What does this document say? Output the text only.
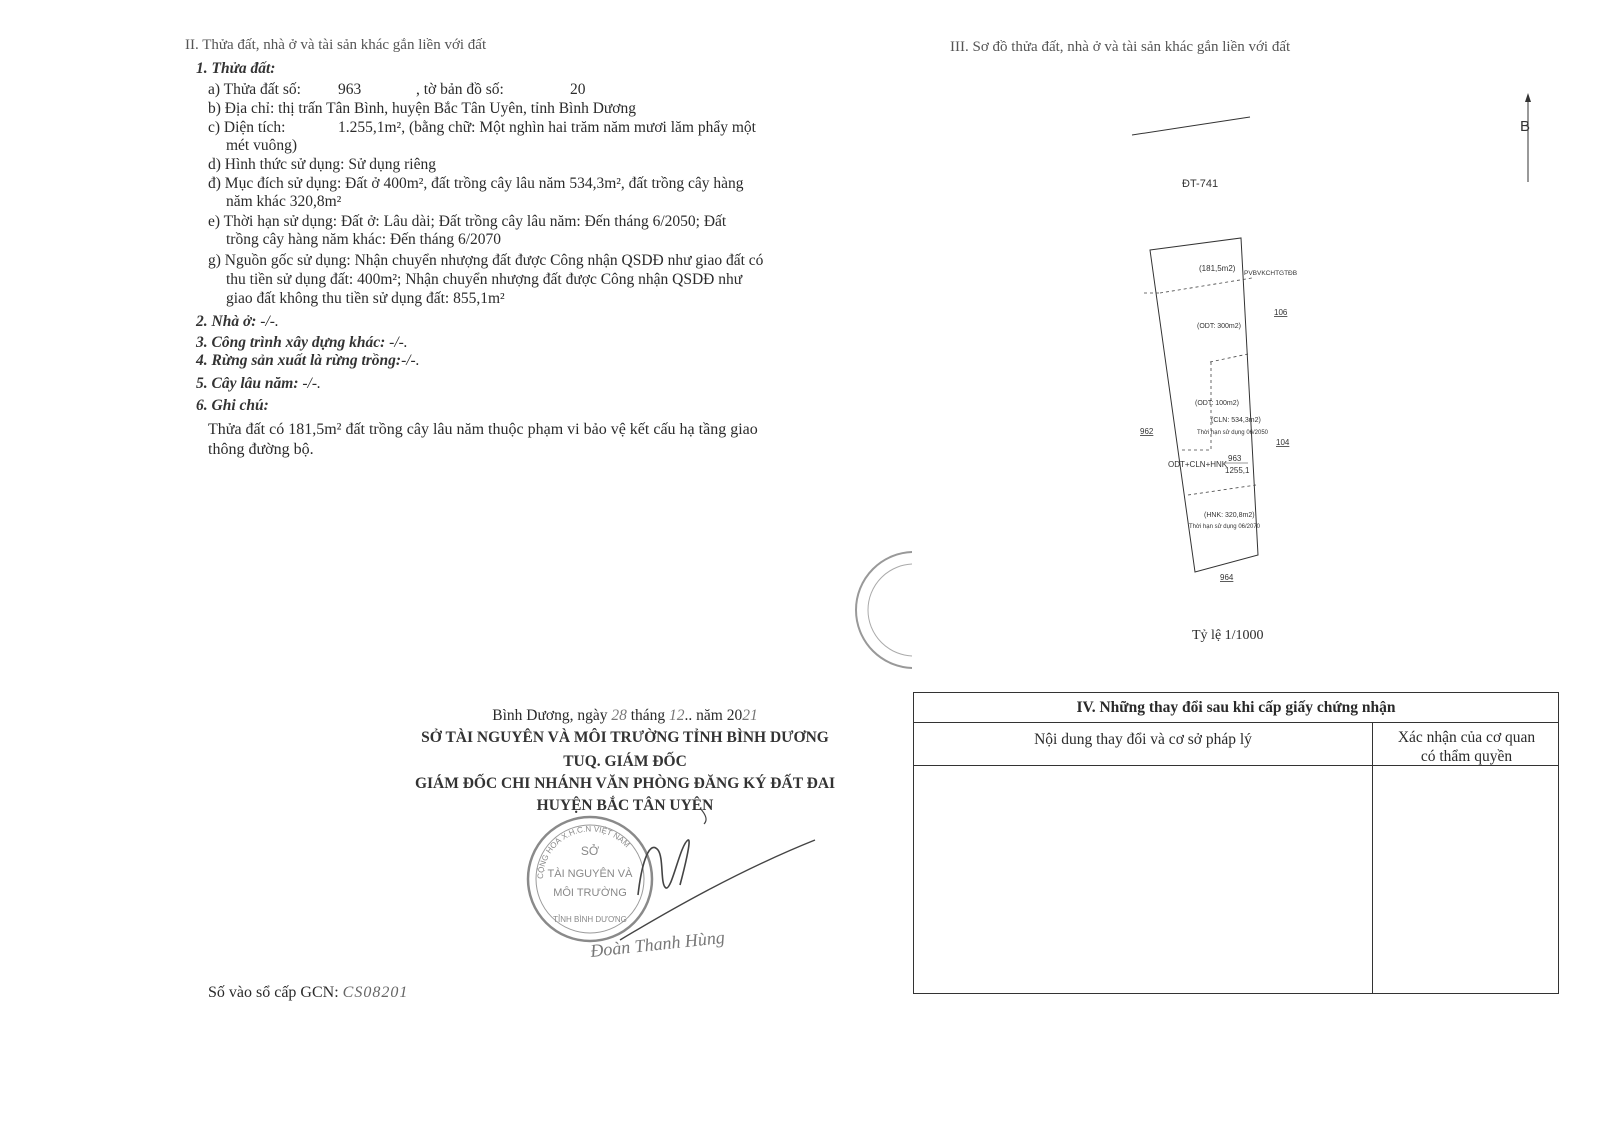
II. Thửa đất, nhà ở và tài sản khác gắn liền với đất
1. Thửa đất:
a) Thửa đất số: 963	, tờ bản đồ số:	20
b) Địa chỉ: thị trấn Tân Bình, huyện Bắc Tân Uyên, tỉnh Bình Dương
c) Diện tích:	1.255,1m², (bằng chữ: Một nghìn hai trăm năm mươi lăm phẩy một
mét vuông)
d) Hình thức sử dụng: Sử dụng riêng
đ) Mục đích sử dụng: Đất ở 400m², đất trồng cây lâu năm 534,3m², đất trồng cây hàng
năm khác 320,8m²
e) Thời hạn sử dụng: Đất ở: Lâu dài; Đất trồng cây lâu năm: Đến tháng 6/2050; Đất
trồng cây hàng năm khác: Đến tháng 6/2070
g) Nguồn gốc sử dụng: Nhận chuyển nhượng đất được Công nhận QSDĐ như giao đất có
thu tiền sử dụng đất: 400m²; Nhận chuyển nhượng đất được Công nhận QSDĐ như
giao đất không thu tiền sử dụng đất: 855,1m²
2. Nhà ở: -/-.
3. Công trình xây dựng khác: -/-.
4. Rừng sản xuất là rừng trồng:-/-.
5. Cây lâu năm: -/-.
6. Ghi chú:
Thửa đất có 181,5m² đất trồng cây lâu năm thuộc phạm vi bảo vệ kết cấu hạ tầng giao
thông đường bộ.
III. Sơ đồ thửa đất, nhà ở và tài sản khác gắn liền với đất
ĐT-741
B
(181,5m2)
PVBVKCHTGTĐB
(ODT: 300m2)
(ODT: 100m2)
(CLN: 534,3m2)
Thời hạn sử dụng 06/2050
ODT+CLN+HNK
963
1255,1
(HNK: 320,8m2)
Thời hạn sử dụng 06/2070
106
104
962
964
Tỷ lệ 1/1000
Bình Dương, ngày 28 tháng 12.. năm 2021
SỞ TÀI NGUYÊN VÀ MÔI TRƯỜNG TỈNH BÌNH DƯƠNG
TUQ. GIÁM ĐỐC
GIÁM ĐỐC CHI NHÁNH VĂN PHÒNG ĐĂNG KÝ ĐẤT ĐAI
HUYỆN BẮC TÂN UYÊN
CỘNG HOÀ X.H.C.N VIỆT NAM
SỞ
TÀI NGUYÊN VÀ
MÔI TRƯỜNG
TỈNH BÌNH DƯƠNG
Đoàn Thanh Hùng
Số vào sổ cấp GCN: CS08201
IV. Những thay đổi sau khi cấp giấy chứng nhận
Nội dung thay đổi và cơ sở pháp lý	Xác nhận của cơ quan
có thẩm quyền
